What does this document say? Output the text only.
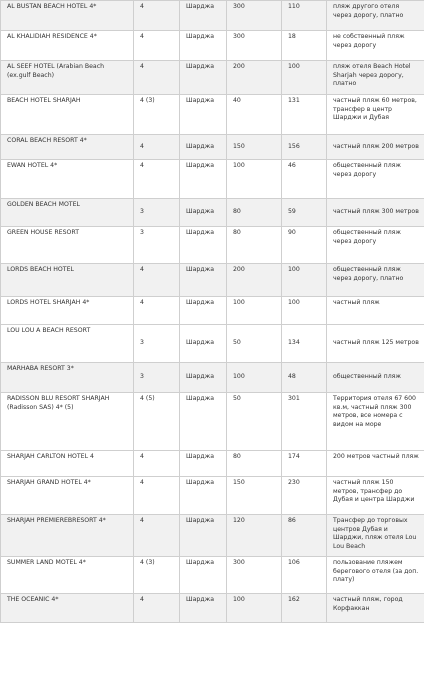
AL BUSTAN BEACH HOTEL 4*	4	Шарджа	300	110	пляж другого отеля через дорогу, платно
AL KHALIDIAH RESIDENCE 4*	4	Шарджа	300	18	не собственный пляж через дорогу
AL SEEF HOTEL (Arabian Beach (ex.gulf Beach)	4	Шарджа	200	100	пляж отеля Beach Hotel Sharjah через дорогу, платно
BEACH HOTEL SHARJAH	4 (3)	Шарджа	40	131	частный пляж 60 метров, трансфер в центр Шарджи и Дубая
CORAL BEACH RESORT 4*	4	Шарджа	150	156	частный пляж 200 метров
EWAN HOTEL 4*	4	Шарджа	100	46	общественный пляж через дорогу
GOLDEN BEACH MOTEL	3	Шарджа	80	59	частный пляж 300 метров
GREEN HOUSE RESORT	3	Шарджа	80	90	общественный пляж через дорогу
LORDS BEACH HOTEL	4	Шарджа	200	100	общественный пляж через дорогу, платно
LORDS HOTEL SHARJAH 4*	4	Шарджа	100	100	частный пляж
LOU LOU A BEACH RESORT	3	Шарджа	50	134	частный пляж 125 метров
MARHABA RESORT 3*	3	Шарджа	100	48	общественный пляж
RADISSON BLU RESORT SHARJAH (Radisson SAS) 4* (5)	4 (5)	Шарджа	50	301	Территория отеля 67 600 кв.м, частный пляж 300 метров, все номера с видом на море
SHARJAH CARLTON HOTEL 4	4	Шарджа	80	174	200 метров частный пляж
SHARJAH GRAND HOTEL 4*	4	Шарджа	150	230	частный пляж 150 метров, трансфер до Дубая и центра Шарджи
SHARJAH PREMIEREBRESORT 4*	4	Шарджа	120	86	Трансфер до торговых центров Дубая и Шарджи, пляж отеля Lou Lou Beach
SUMMER LAND MOTEL 4*	4 (3)	Шарджа	300	106	пользование пляжем берегового отеля (за доп. плату)
THE OCEANIC 4*	4	Шарджа	100	162	частный пляж, город Корфаккан
